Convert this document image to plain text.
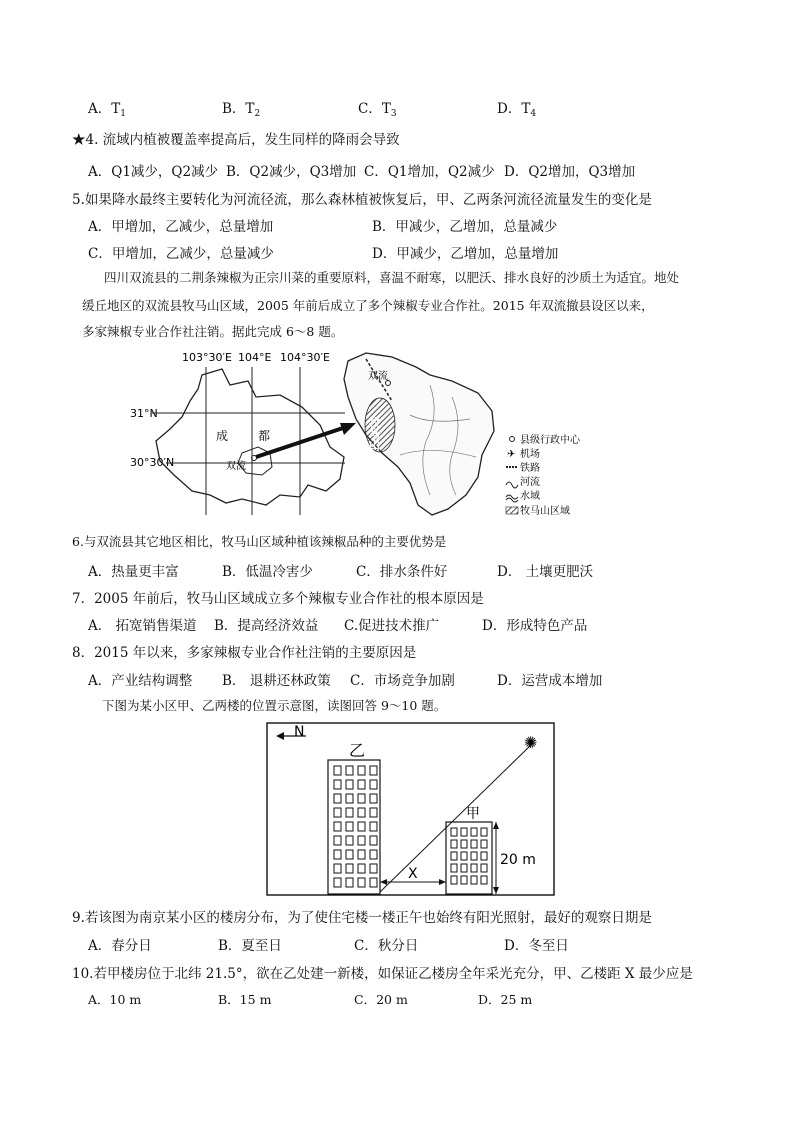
A．$T_1$	B．$T_2$	C．$T_3$	D．$T_4$
★4. 流域内植被覆盖率提高后，发生同样的降雨会导致
A．Q1减少，Q2减少 B．Q2减少，Q3增加 C．Q1增加，Q2减少 D．Q2增加，Q3增加
5.如果降水最终主要转化为河流径流，那么森林植被恢复后，甲、乙两条河流径流量发生的变化是
A．甲增加，乙减少，总量增加	B．甲减少，乙增加，总量减少
C．甲增加，乙减少，总量减少	D．甲减少，乙增加，总量增加
四川双流县的二荆条辣椒为正宗川菜的重要原料，喜温不耐寒，以肥沃、排水良好的沙质土为适宜。地处
缓丘地区的双流县牧马山区域，2005 年前后成立了多个辣椒专业合作社。2015 年双流撤县设区以来，
多家辣椒专业合作社注销。据此完成 6～8 题。
103°30′E 104°E 104°30′E
31°N
30°30′N
成 都
双流
牧马山
双流
县级行政中心
✈ 机场
铁路
河流
水域
牧马山区域
6.与双流县其它地区相比，牧马山区域种植该辣椒品种的主要优势是
A．热量更丰富	B．低温冷害少	C．排水条件好	D． 土壤更肥沃
7．2005 年前后，牧马山区域成立多个辣椒专业合作社的根本原因是
A． 拓宽销售渠道 B．提高经济效益 C.促进技术推广	D．形成特色产品
8．2015 年以来，多家辣椒专业合作社注销的主要原因是
A．产业结构调整 B． 退耕还林政策 C．市场竞争加剧	D．运营成本增加
下图为某小区甲、乙两楼的位置示意图，读图回答 9～10 题。
N
乙
甲
✺
X
20 m
9.若该图为南京某小区的楼房分布，为了使住宅楼一楼正午也始终有阳光照射，最好的观察日期是
A．春分日	B．夏至日	C．秋分日	D．冬至日
10.若甲楼房位于北纬 21.5°，欲在乙处建一新楼，如保证乙楼房全年采光充分，甲、乙楼距 X 最少应是
A．10 m	B．15 m	C．20 m	D．25 m
